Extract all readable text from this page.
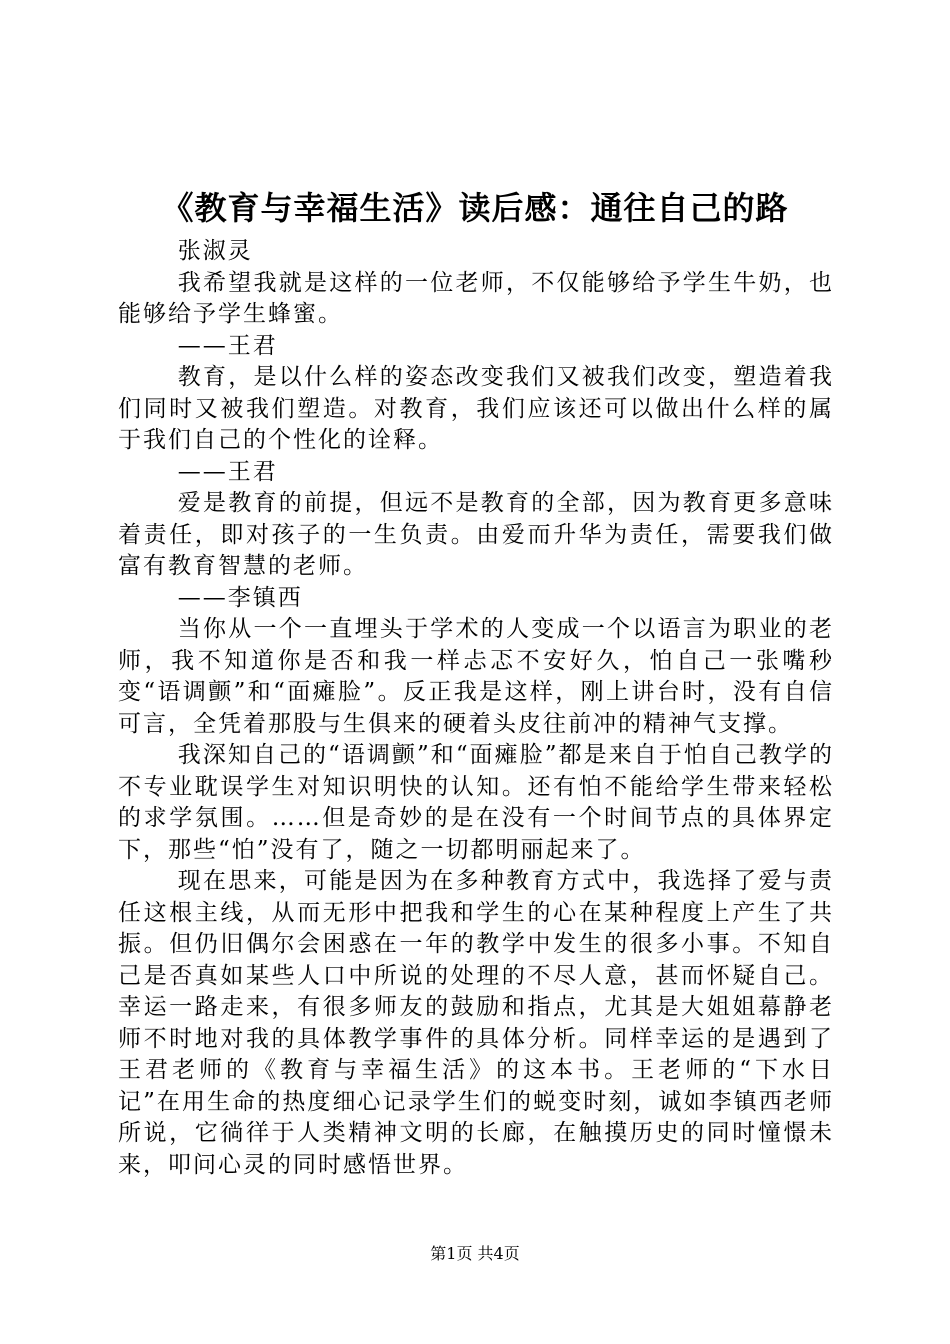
《教育与幸福生活》读后感：通往自己的路

张淑灵

我希望我就是这样的一位老师，不仅能够给予学生牛奶，也能够给予学生蜂蜜。

——王君

教育，是以什么样的姿态改变我们又被我们改变，塑造着我们同时又被我们塑造。对教育，我们应该还可以做出什么样的属于我们自己的个性化的诠释。

——王君

爱是教育的前提，但远不是教育的全部，因为教育更多意味着责任，即对孩子的一生负责。由爱而升华为责任，需要我们做富有教育智慧的老师。

——李镇西

当你从一个一直埋头于学术的人变成一个以语言为职业的老师，我不知道你是否和我一样忐忑不安好久，怕自己一张嘴秒变“语调颤”和“面瘫脸”。反正我是这样，刚上讲台时，没有自信可言，全凭着那股与生俱来的硬着头皮往前冲的精神气支撑。

我深知自己的“语调颤”和“面瘫脸”都是来自于怕自己教学的不专业耽误学生对知识明快的认知。还有怕不能给学生带来轻松的求学氛围。……但是奇妙的是在没有一个时间节点的具体界定下，那些“怕”没有了，随之一切都明丽起来了。

现在思来，可能是因为在多种教育方式中，我选择了爱与责任这根主线，从而无形中把我和学生的心在某种程度上产生了共振。但仍旧偶尔会困惑在一年的教学中发生的很多小事。不知自己是否真如某些人口中所说的处理的不尽人意，甚而怀疑自己。幸运一路走来，有很多师友的鼓励和指点，尤其是大姐姐幕静老师不时地对我的具体教学事件的具体分析。同样幸运的是遇到了王君老师的《教育与幸福生活》的这本书。王老师的“下水日记”在用生命的热度细心记录学生们的蜕变时刻，诚如李镇西老师所说，它徜徉于人类精神文明的长廊，在触摸历史的同时憧憬未来，叩问心灵的同时感悟世界。

第1页 共4页
